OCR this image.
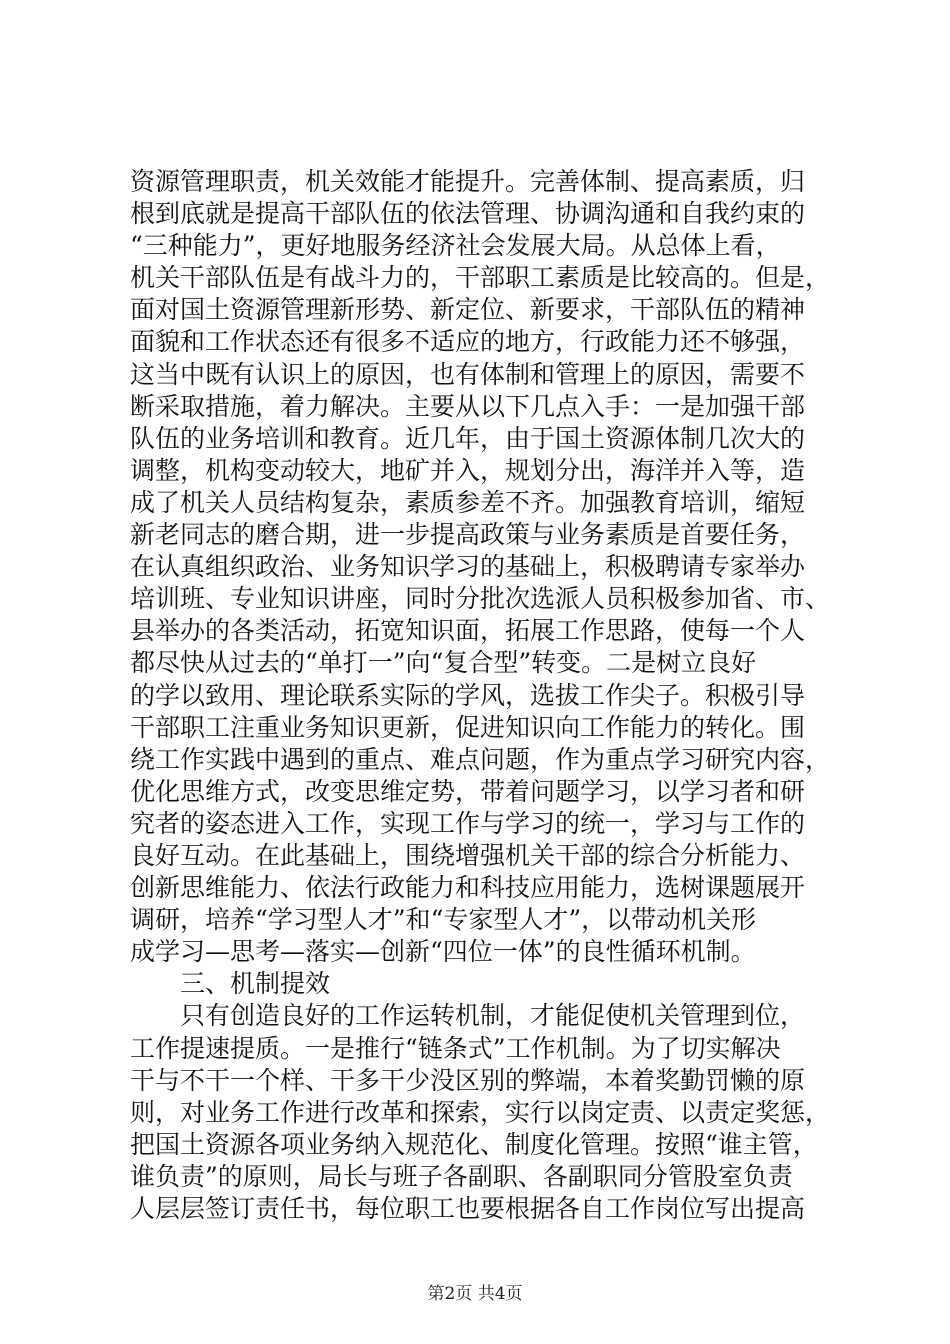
资源管理职责，机关效能才能提升。完善体制、提高素质，归
根到底就是提高干部队伍的依法管理、协调沟通和自我约束的
“三种能力”，更好地服务经济社会发展大局。从总体上看，
机关干部队伍是有战斗力的，干部职工素质是比较高的。但是，
面对国土资源管理新形势、新定位、新要求，干部队伍的精神
面貌和工作状态还有很多不适应的地方，行政能力还不够强，
这当中既有认识上的原因，也有体制和管理上的原因，需要不
断采取措施，着力解决。主要从以下几点入手：一是加强干部
队伍的业务培训和教育。近几年，由于国土资源体制几次大的
调整，机构变动较大，地矿并入，规划分出，海洋并入等，造
成了机关人员结构复杂，素质参差不齐。加强教育培训，缩短
新老同志的磨合期，进一步提高政策与业务素质是首要任务，
在认真组织政治、业务知识学习的基础上，积极聘请专家举办
培训班、专业知识讲座，同时分批次选派人员积极参加省、市、
县举办的各类活动，拓宽知识面，拓展工作思路，使每一个人
都尽快从过去的“单打一”向“复合型”转变。二是树立良好
的学以致用、理论联系实际的学风，选拔工作尖子。积极引导
干部职工注重业务知识更新，促进知识向工作能力的转化。围
绕工作实践中遇到的重点、难点问题，作为重点学习研究内容，
优化思维方式，改变思维定势，带着问题学习，以学习者和研
究者的姿态进入工作，实现工作与学习的统一，学习与工作的
良好互动。在此基础上，围绕增强机关干部的综合分析能力、
创新思维能力、依法行政能力和科技应用能力，选树课题展开
调研，培养“学习型人才”和“专家型人才”，以带动机关形
成学习—思考—落实—创新“四位一体”的良性循环机制。
　　三、机制提效
　　只有创造良好的工作运转机制，才能促使机关管理到位，
工作提速提质。一是推行“链条式”工作机制。为了切实解决
干与不干一个样、干多干少没区别的弊端，本着奖勤罚懒的原
则，对业务工作进行改革和探索，实行以岗定责、以责定奖惩，
把国土资源各项业务纳入规范化、制度化管理。按照“谁主管，
谁负责”的原则，局长与班子各副职、各副职同分管股室负责
人层层签订责任书，每位职工也要根据各自工作岗位写出提高
第2页 共4页
